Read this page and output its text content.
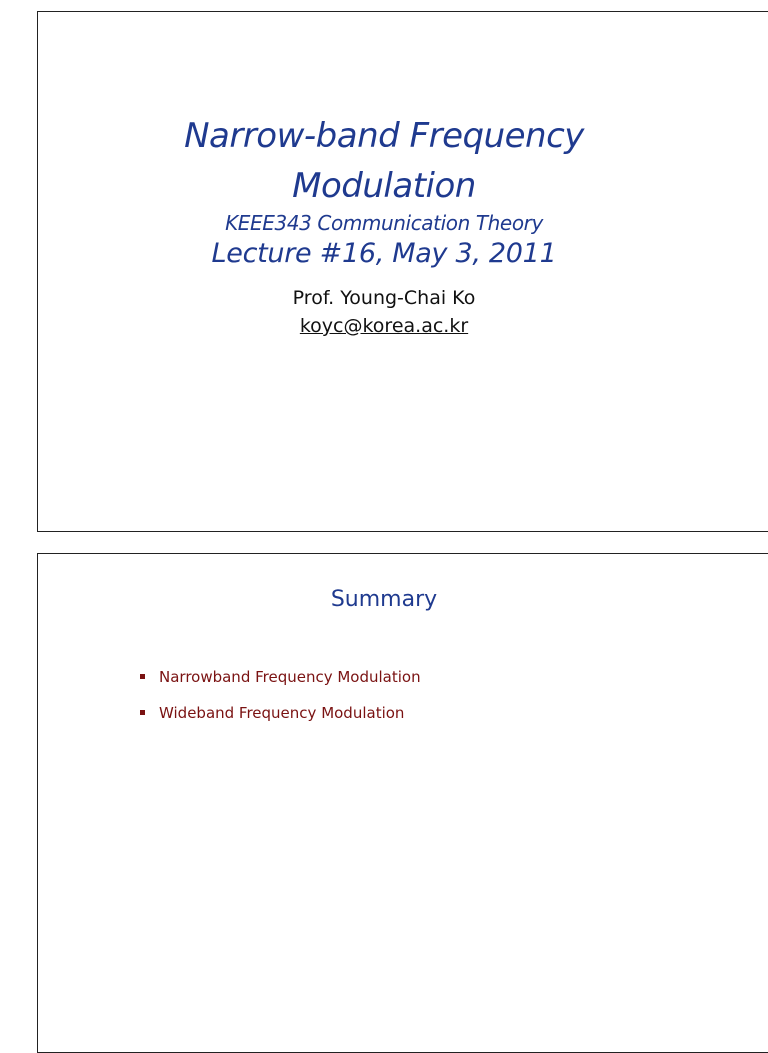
Narrow-band Frequency
Modulation
KEEE343 Communication Theory
Lecture #16, May 3, 2011
Prof. Young-Chai Ko
koyc@korea.ac.kr
Summary
Narrowband Frequency Modulation
Wideband Frequency Modulation
